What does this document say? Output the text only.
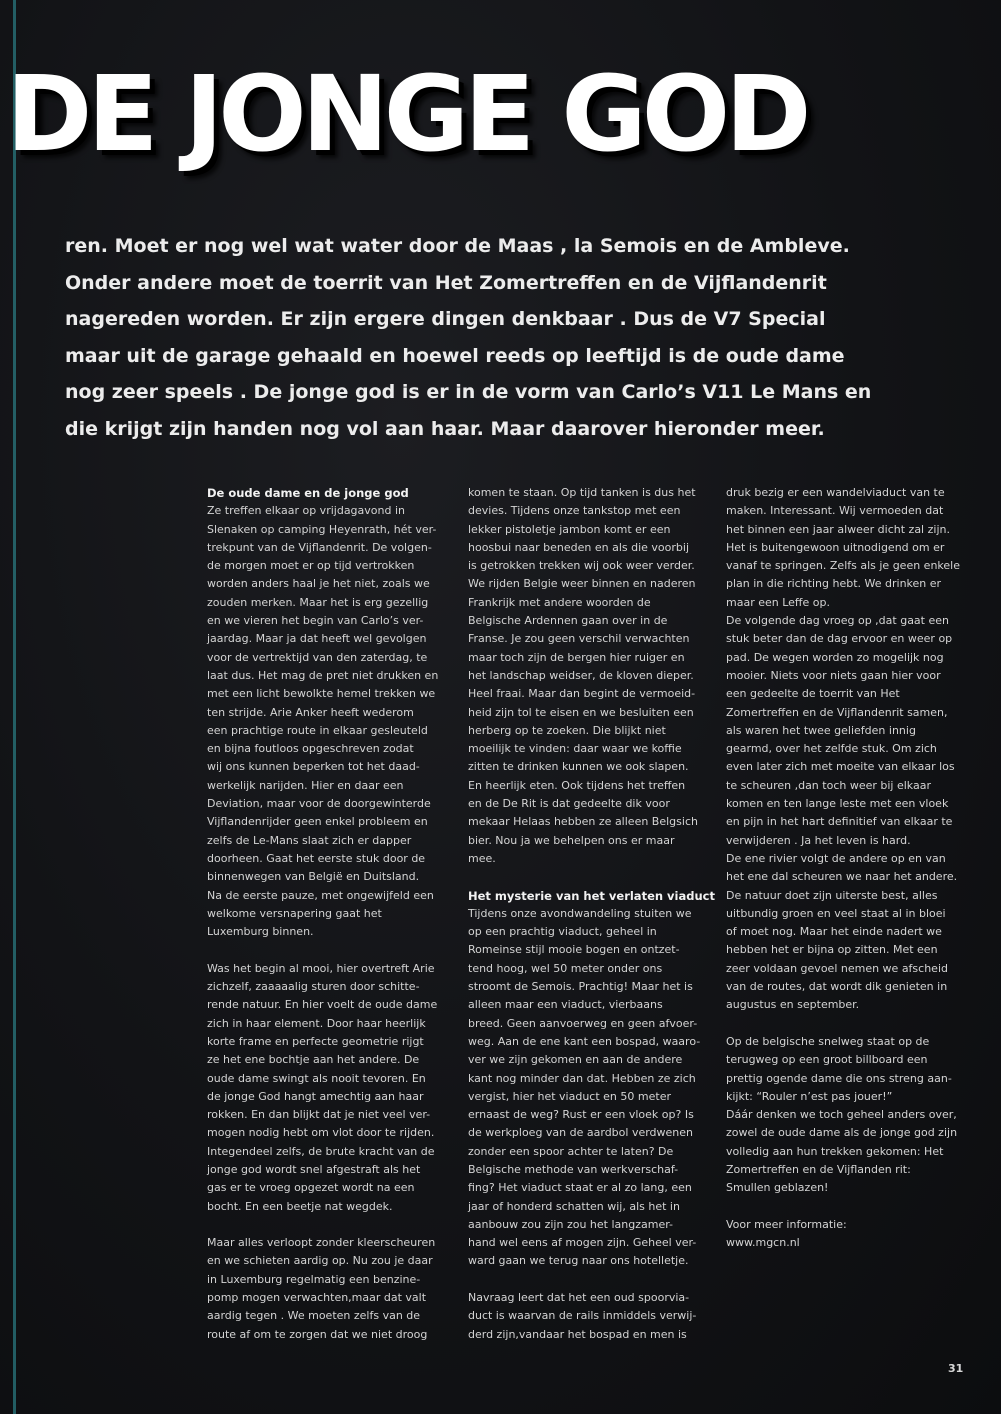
DE JONGE GOD

ren. Moet er nog wel wat water door de Maas , la Semois en de Ambleve.

Onder andere moet de toerrit van Het Zomertreffen en de Vijflandenrit

nagereden worden. Er zijn ergere dingen denkbaar . Dus de V7 Special

maar uit de garage gehaald en hoewel reeds op leeftijd is de oude dame

nog zeer speels . De jonge god is er in de vorm van Carlo’s V11 Le Mans en

die krijgt zijn handen nog vol aan haar. Maar daarover hieronder meer.

De oude dame en de jonge god
Ze treffen elkaar op vrijdagavond in
Slenaken op camping Heyenrath, hét ver-
trekpunt van de Vijflandenrit. De volgen-
de morgen moet er op tijd vertrokken
worden anders haal je het niet, zoals we
zouden merken. Maar het is erg gezellig
en we vieren het begin van Carlo’s ver-
jaardag. Maar ja dat heeft wel gevolgen
voor de vertrektijd van den zaterdag, te
laat dus. Het mag de pret niet drukken en
met een licht bewolkte hemel trekken we
ten strijde. Arie Anker heeft wederom
een prachtige route in elkaar gesleuteld
en bijna foutloos opgeschreven zodat
wij ons kunnen beperken tot het daad-
werkelijk narijden. Hier en daar een
Deviation, maar voor de doorgewinterde
Vijflandenrijder geen enkel probleem en
zelfs de Le-Mans slaat zich er dapper
doorheen. Gaat het eerste stuk door de
binnenwegen van België en Duitsland.
Na de eerste pauze, met ongewijfeld een
welkome versnapering gaat het
Luxemburg binnen.
Was het begin al mooi, hier overtreft Arie
zichzelf, zaaaaalig sturen door schitte-
rende natuur. En hier voelt de oude dame
zich in haar element. Door haar heerlijk
korte frame en perfecte geometrie rijgt
ze het ene bochtje aan het andere. De
oude dame swingt als nooit tevoren. En
de jonge God hangt amechtig aan haar
rokken. En dan blijkt dat je niet veel ver-
mogen nodig hebt om vlot door te rijden.
Integendeel zelfs, de brute kracht van de
jonge god wordt snel afgestraft als het
gas er te vroeg opgezet wordt na een
bocht. En een beetje nat wegdek.
Maar alles verloopt zonder kleerscheuren
en we schieten aardig op. Nu zou je daar
in Luxemburg regelmatig een benzine-
pomp mogen verwachten,maar dat valt
aardig tegen . We moeten zelfs van de
route af om te zorgen dat we niet droog
komen te staan. Op tijd tanken is dus het
devies. Tijdens onze tankstop met een
lekker pistoletje jambon komt er een
hoosbui naar beneden en als die voorbij
is getrokken trekken wij ook weer verder.
We rijden Belgie weer binnen en naderen
Frankrijk met andere woorden de
Belgische Ardennen gaan over in de
Franse. Je zou geen verschil verwachten
maar toch zijn de bergen hier ruiger en
het landschap weidser, de kloven dieper.
Heel fraai. Maar dan begint de vermoeid-
heid zijn tol te eisen en we besluiten een
herberg op te zoeken. Die blijkt niet
moeilijk te vinden: daar waar we koffie
zitten te drinken kunnen we ook slapen.
En heerlijk eten. Ook tijdens het treffen
en de De Rit is dat gedeelte dik voor
mekaar Helaas hebben ze alleen Belgsich
bier. Nou ja we behelpen ons er maar
mee.
Het mysterie van het verlaten viaduct
Tijdens onze avondwandeling stuiten we
op een prachtig viaduct, geheel in
Romeinse stijl mooie bogen en ontzet-
tend hoog, wel 50 meter onder ons
stroomt de Semois. Prachtig! Maar het is
alleen maar een viaduct, vierbaans
breed. Geen aanvoerweg en geen afvoer-
weg. Aan de ene kant een bospad, waaro-
ver we zijn gekomen en aan de andere
kant nog minder dan dat. Hebben ze zich
vergist, hier het viaduct en 50 meter
ernaast de weg? Rust er een vloek op? Is
de werkploeg van de aardbol verdwenen
zonder een spoor achter te laten? De
Belgische methode van werkverschaf-
fing? Het viaduct staat er al zo lang, een
jaar of honderd schatten wij, als het in
aanbouw zou zijn zou het langzamer-
hand wel eens af mogen zijn. Geheel ver-
ward gaan we terug naar ons hotelletje.
Navraag leert dat het een oud spoorvia-
duct is waarvan de rails inmiddels verwij-
derd zijn,vandaar het bospad en men is
druk bezig er een wandelviaduct van te
maken. Interessant. Wij vermoeden dat
het binnen een jaar alweer dicht zal zijn.
Het is buitengewoon uitnodigend om er
vanaf te springen. Zelfs als je geen enkele
plan in die richting hebt. We drinken er
maar een Leffe op.
De volgende dag vroeg op ,dat gaat een
stuk beter dan de dag ervoor en weer op
pad. De wegen worden zo mogelijk nog
mooier. Niets voor niets gaan hier voor
een gedeelte de toerrit van Het
Zomertreffen en de Vijflandenrit samen,
als waren het twee geliefden innig
gearmd, over het zelfde stuk. Om zich
even later zich met moeite van elkaar los
te scheuren ,dan toch weer bij elkaar
komen en ten lange leste met een vloek
en pijn in het hart definitief van elkaar te
verwijderen . Ja het leven is hard.
De ene rivier volgt de andere op en van
het ene dal scheuren we naar het andere.
De natuur doet zijn uiterste best, alles
uitbundig groen en veel staat al in bloei
of moet nog. Maar het einde nadert we
hebben het er bijna op zitten. Met een
zeer voldaan gevoel nemen we afscheid
van de routes, dat wordt dik genieten in
augustus en september.
Op de belgische snelweg staat op de
terugweg op een groot billboard een
prettig ogende dame die ons streng aan-
kijkt: “Rouler n’est pas jouer!”
Dáár denken we toch geheel anders over,
zowel de oude dame als de jonge god zijn
volledig aan hun trekken gekomen: Het
Zomertreffen en de Vijflanden rit:
Smullen geblazen!
Voor meer informatie:
www.mgcn.nl
31
